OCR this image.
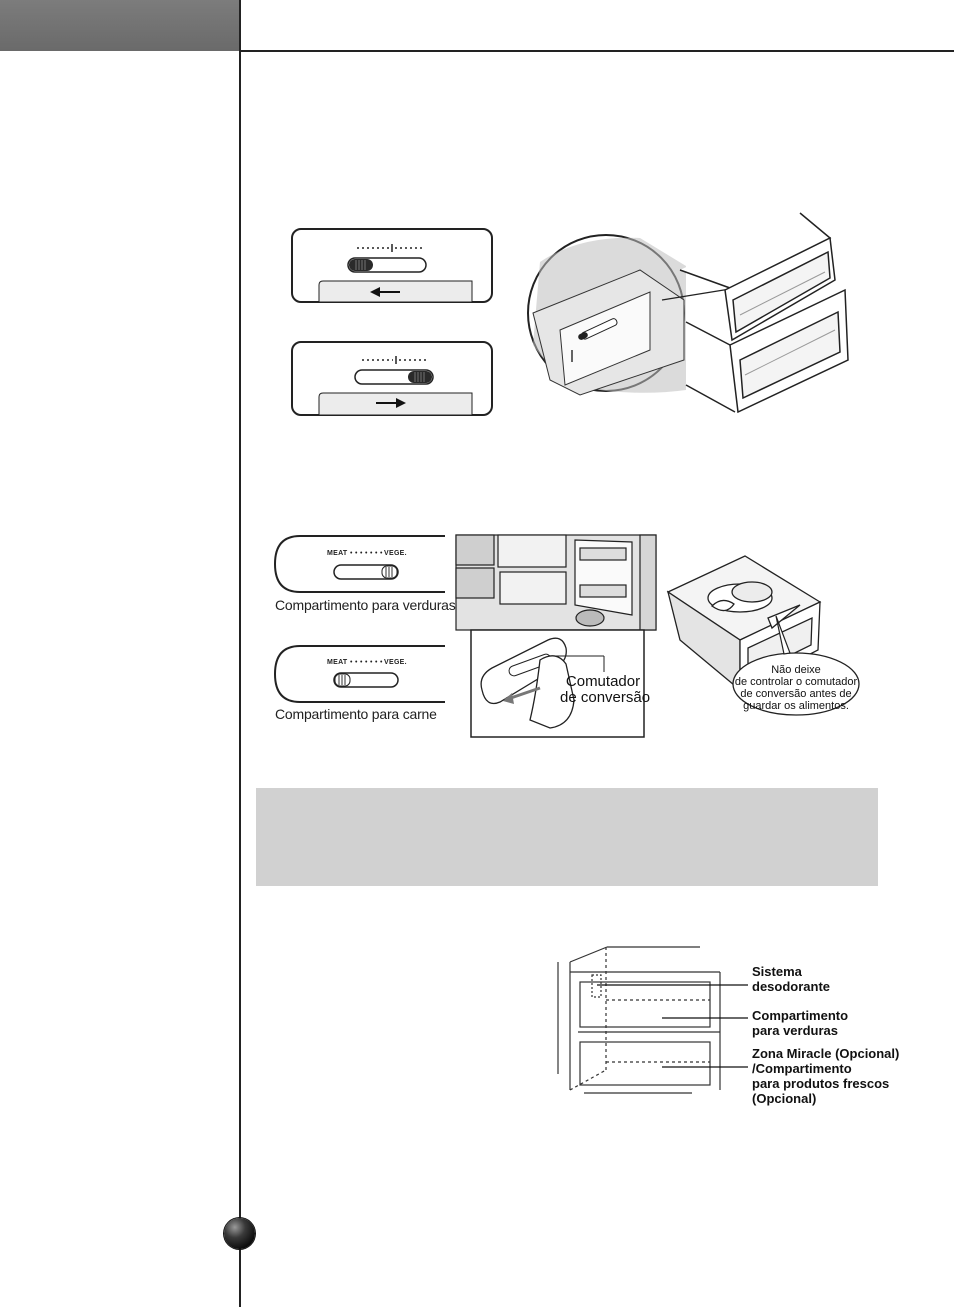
MEAT • • • • • • • VEGE.
MEAT • • • • • • • VEGE.
Compartimento para verduras
Compartimento para carne
Comutador
de conversão
Não deixe
de controlar o comutador
de conversão antes de
guardar os alimentos.
Sistema
desodorante
Compartimento
para verduras
Zona Miracle (Opcional)
/Compartimento
para produtos frescos
(Opcional)
